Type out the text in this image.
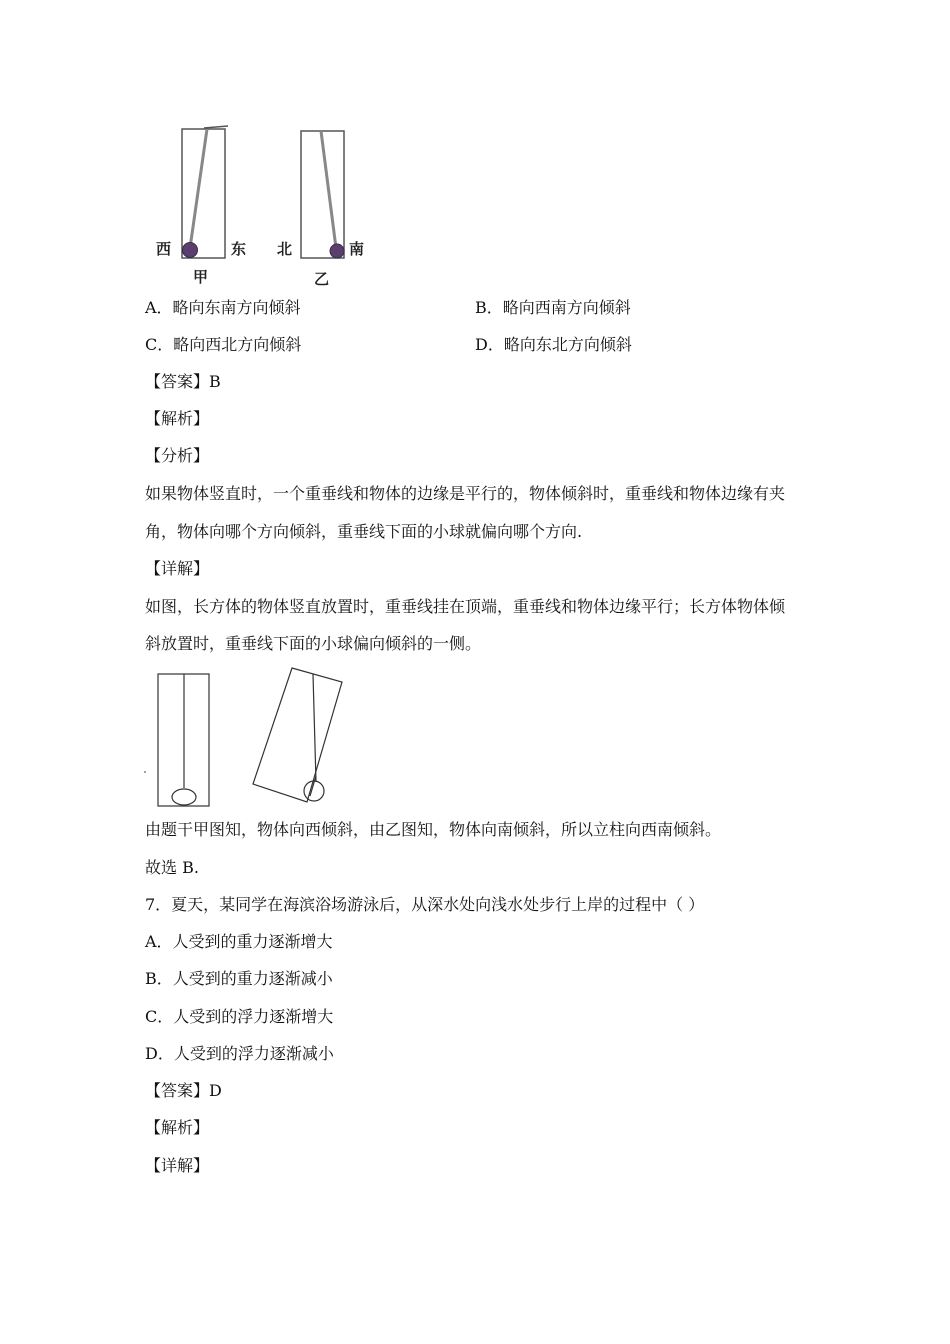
西	东
甲
北	南
乙
A．略向东南方向倾斜	B．略向西南方向倾斜
C．略向西北方向倾斜	D．略向东北方向倾斜
【答案】B
【解析】
【分析】
如果物体竖直时，一个重垂线和物体的边缘是平行的，物体倾斜时，重垂线和物体边缘有夹
角，物体向哪个方向倾斜，重垂线下面的小球就偏向哪个方向.
【详解】
如图，长方体的物体竖直放置时，重垂线挂在顶端，重垂线和物体边缘平行；长方体物体倾
斜放置时，重垂线下面的小球偏向倾斜的一侧。
由题干甲图知，物体向西倾斜，由乙图知，物体向南倾斜，所以立柱向西南倾斜。
故选 B.
7．夏天，某同学在海滨浴场游泳后，从深水处向浅水处步行上岸的过程中（ ）
A．人受到的重力逐渐增大
B．人受到的重力逐渐减小
C．人受到的浮力逐渐增大
D．人受到的浮力逐渐减小
【答案】D
【解析】
【详解】
